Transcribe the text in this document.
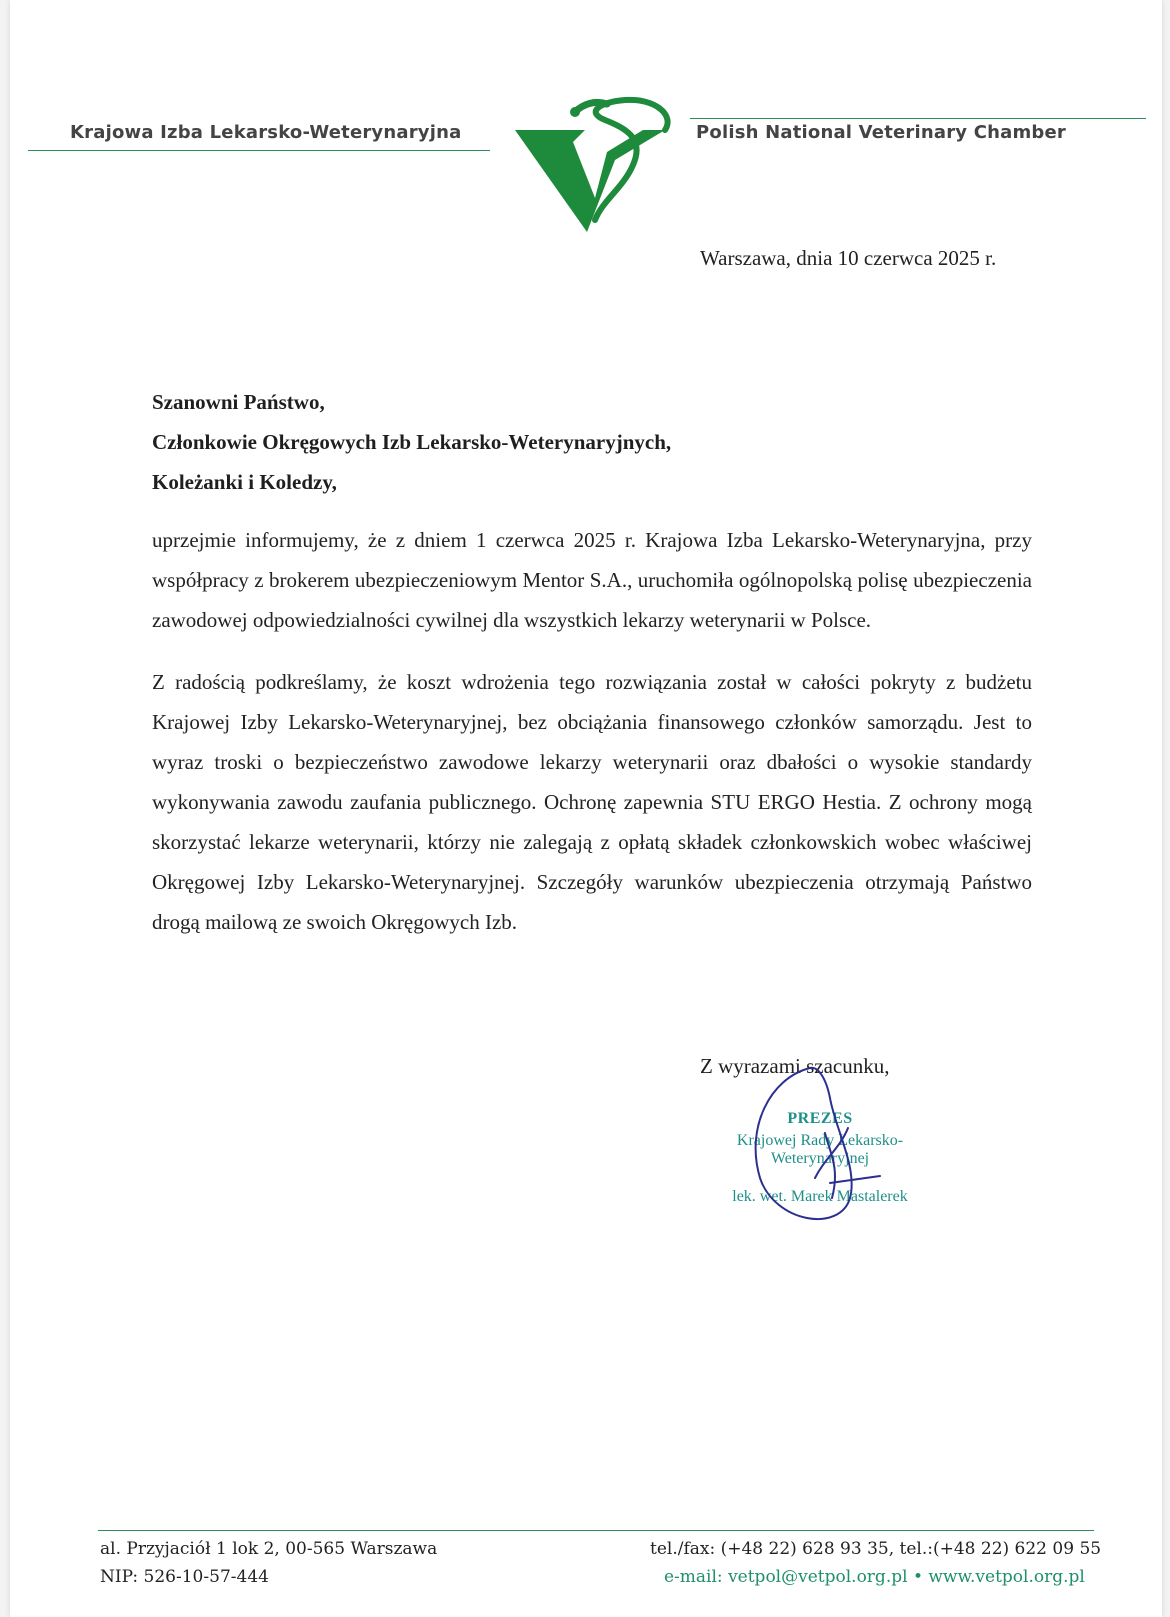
Krajowa Izba Lekarsko-Weterynaryjna	Polish National Veterinary Chamber
Warszawa, dnia 10 czerwca 2025 r.
Szanowni Państwo,
Członkowie Okręgowych Izb Lekarsko-Weterynaryjnych,
Koleżanki i Koledzy,

uprzejmie informujemy, że z dniem 1 czerwca 2025 r. Krajowa Izba Lekarsko-Weterynaryjna, przy współpracy z brokerem ubezpieczeniowym Mentor S.A., uruchomiła ogólnopolską polisę ubezpieczenia zawodowej odpowiedzialności cywilnej dla wszystkich lekarzy weterynarii w Polsce.

Z radością podkreślamy, że koszt wdrożenia tego rozwiązania został w całości pokryty z budżetu Krajowej Izby Lekarsko-Weterynaryjnej, bez obciążania finansowego członków samorządu. Jest to wyraz troski o bezpieczeństwo zawodowe lekarzy weterynarii oraz dbałości o wysokie standardy wykonywania zawodu zaufania publicznego. Ochronę zapewnia STU ERGO Hestia. Z ochrony mogą skorzystać lekarze weterynarii, którzy nie zalegają z opłatą składek członkowskich wobec właściwej Okręgowej Izby Lekarsko-Weterynaryjnej. Szczegóły warunków ubezpieczenia otrzymają Państwo drogą mailową ze swoich Okręgowych Izb.

Z wyrazami szacunku,
PREZES
Krajowej Rady Lekarsko-Weterynaryjnej
lek. wet. Marek Mastalerek
al. Przyjaciół 1 lok 2, 00-565 Warszawa
NIP: 526-10-57-444
tel./fax: (+48 22) 628 93 35, tel.:(+48 22) 622 09 55
e-mail: vetpol@vetpol.org.pl • www.vetpol.org.pl
